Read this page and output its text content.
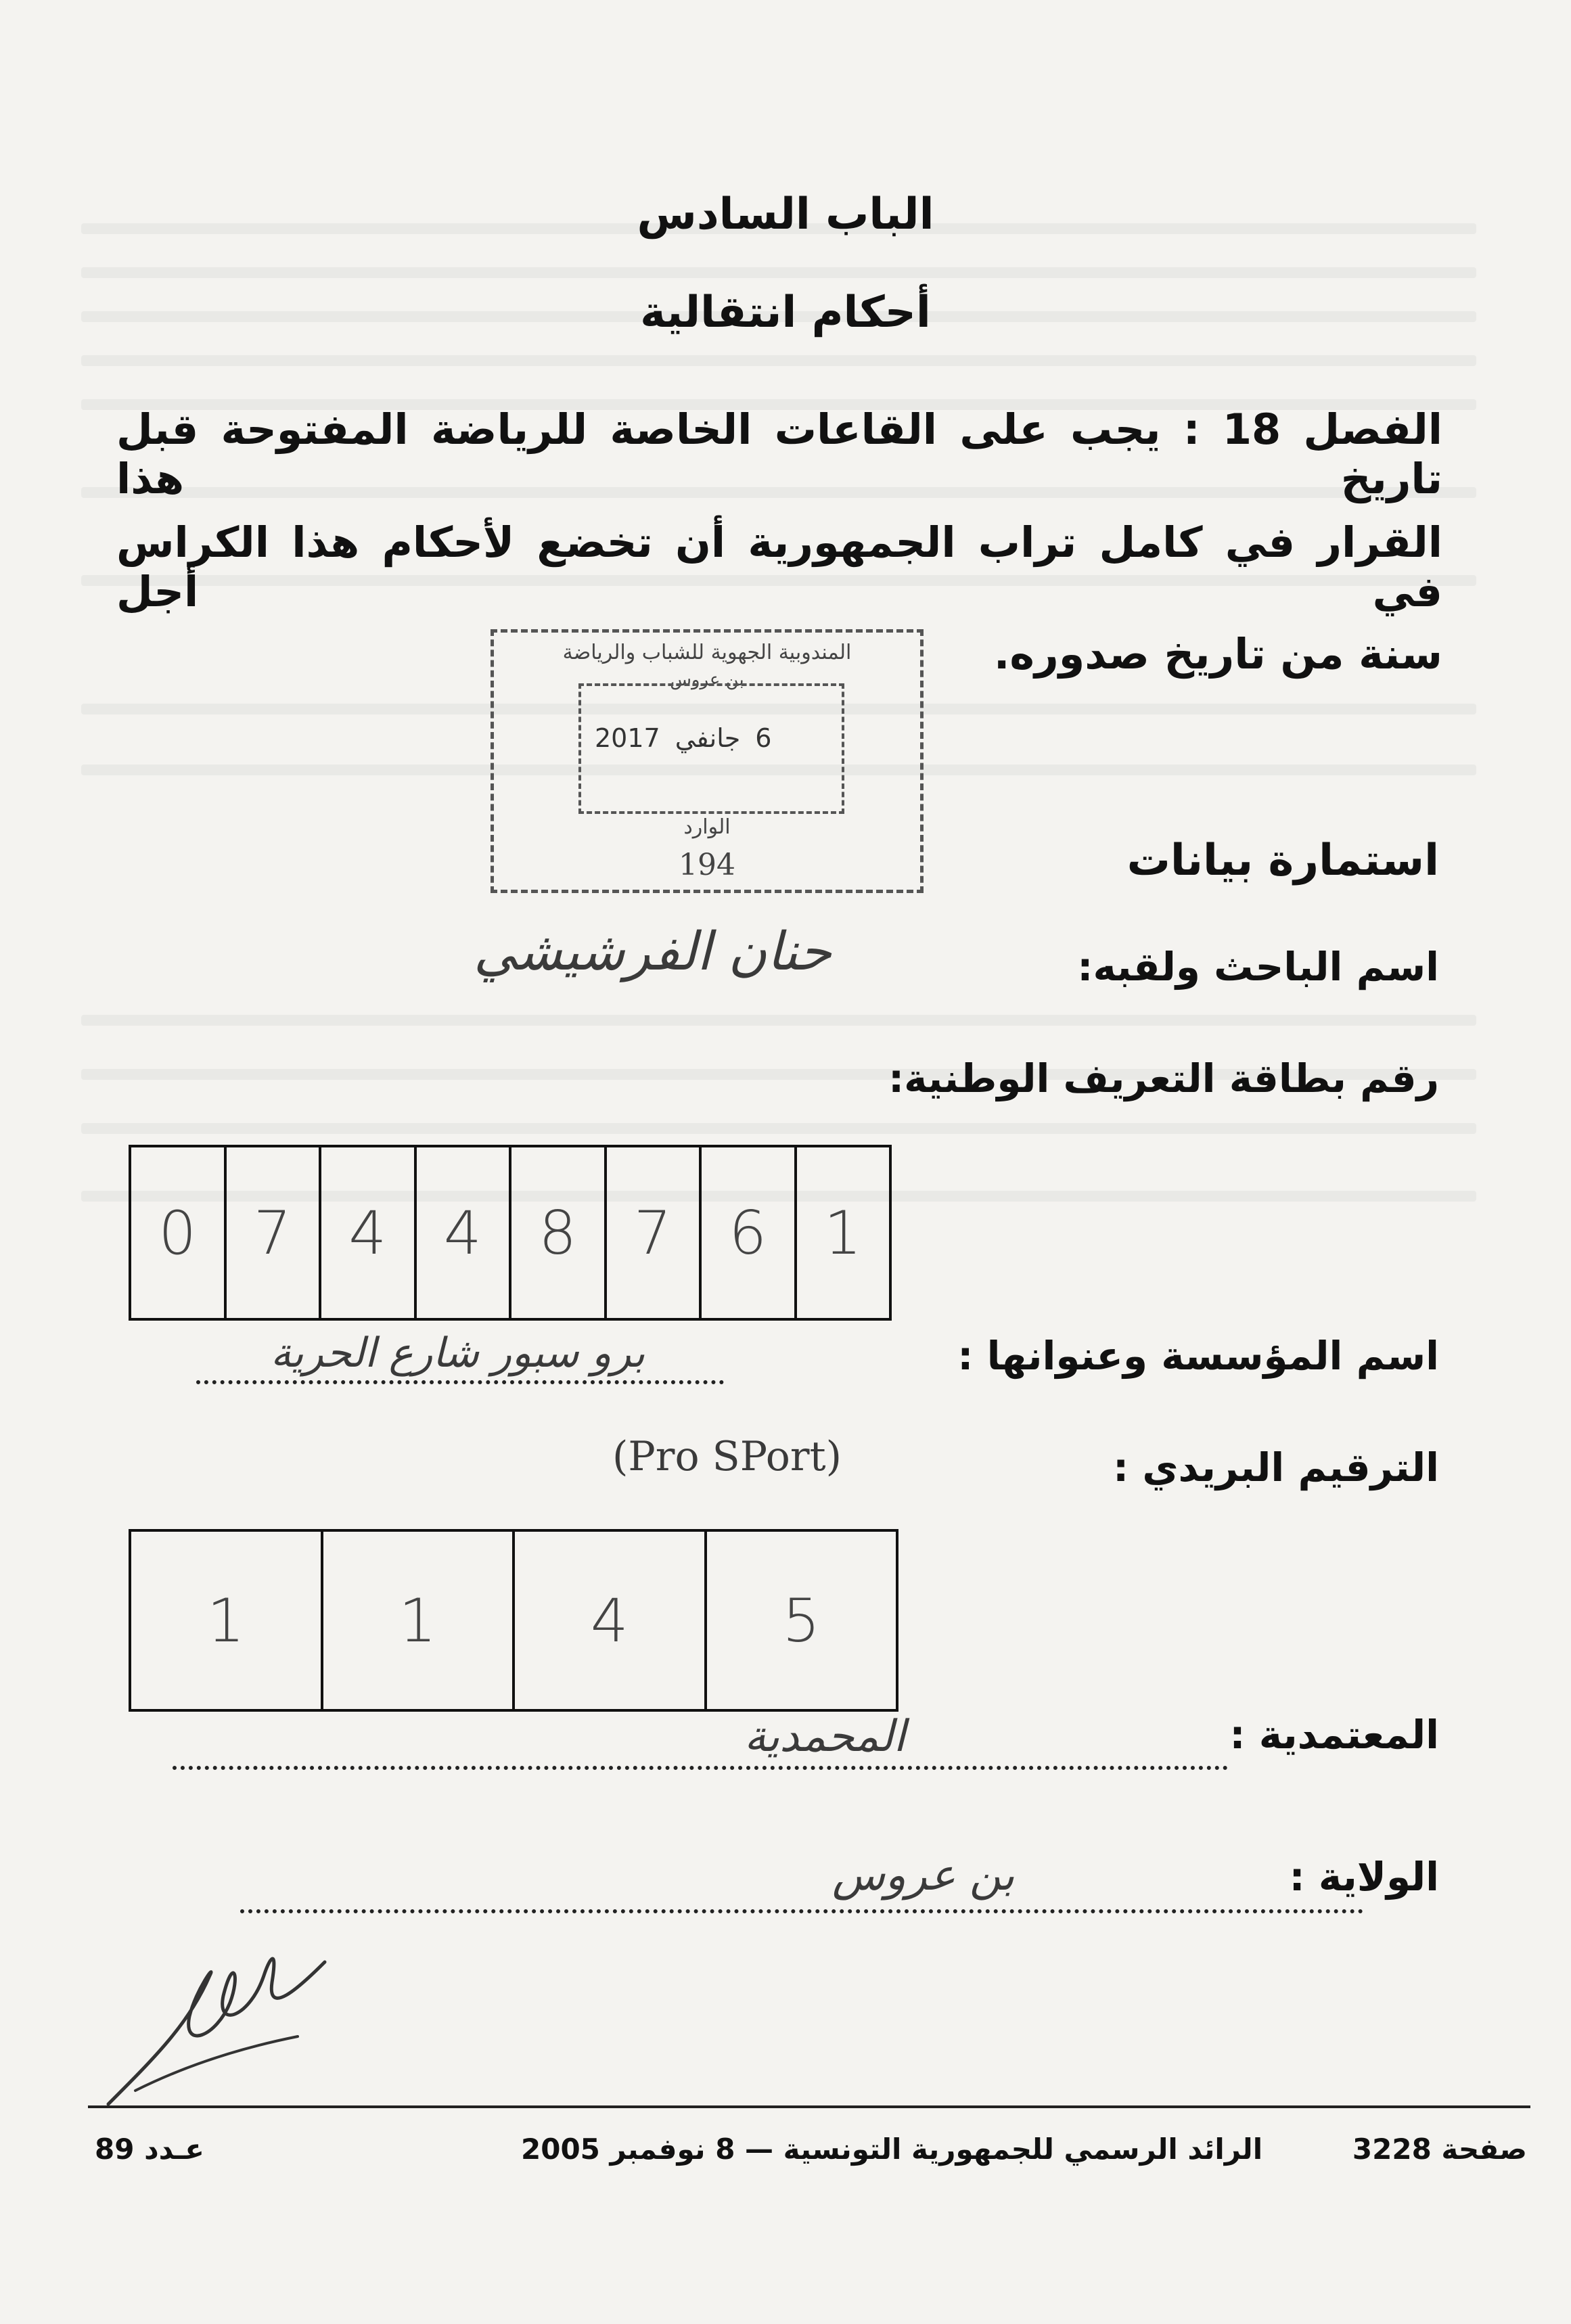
الباب السادس
أحكام انتقالية
الفصل 18 : يجب على القاعات الخاصة للرياضة المفتوحة قبل تاريخ هذا
القرار في كامل تراب الجمهورية أن تخضع لأحكام هذا الكراس في أجل
سنة من تاريخ صدوره.
المندوبية الجهوية للشباب والرياضة
بن عروس
2017 جانفي 6
الوارد
194	استمارة بيانات
اسم الباحث ولقبه:
حنان الفرشيشي
رقم بطاقة التعريف الوطنية:
0 7 4 4 8 7 6 1
اسم المؤسسة وعنوانها :
برو سبور شارع الحرية
(Pro SPort)	الترقيم البريدي :
1	1	4	5
المعتمدية :
المحمدية
الولاية :
بن عروس
صفحة 3228
الرائد الرسمي للجمهورية التونسية — 8 نوفمبر 2005
عـدد 89
